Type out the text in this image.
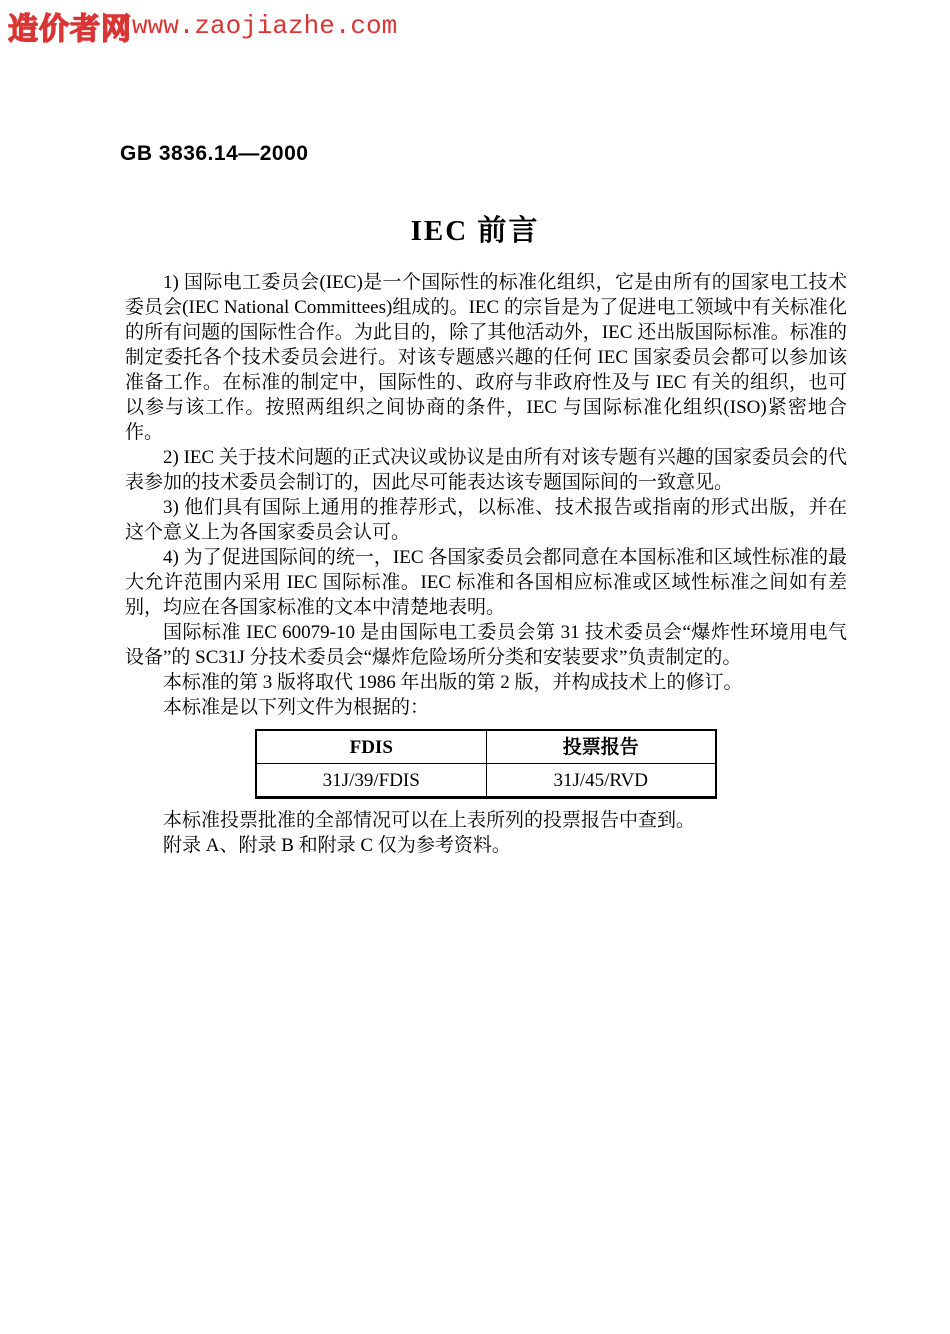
造价者网www.zaojiazhe.com
GB 3836.14—2000
IEC 前言

1) 国际电工委员会(IEC)是一个国际性的标准化组织，它是由所有的国家电工技术委员会(IEC National Committees)组成的。IEC 的宗旨是为了促进电工领域中有关标准化的所有问题的国际性合作。为此目的，除了其他活动外，IEC 还出版国际标准。标准的制定委托各个技术委员会进行。对该专题感兴趣的任何 IEC 国家委员会都可以参加该准备工作。在标准的制定中，国际性的、政府与非政府性及与 IEC 有关的组织，也可以参与该工作。按照两组织之间协商的条件，IEC 与国际标准化组织(ISO)紧密地合作。

2) IEC 关于技术问题的正式决议或协议是由所有对该专题有兴趣的国家委员会的代表参加的技术委员会制订的，因此尽可能表达该专题国际间的一致意见。

3) 他们具有国际上通用的推荐形式，以标准、技术报告或指南的形式出版，并在这个意义上为各国家委员会认可。

4) 为了促进国际间的统一，IEC 各国家委员会都同意在本国标准和区域性标准的最大允许范围内采用 IEC 国际标准。IEC 标准和各国相应标准或区域性标准之间如有差别，均应在各国家标准的文本中清楚地表明。

国际标准 IEC 60079-10 是由国际电工委员会第 31 技术委员会“爆炸性环境用电气设备”的 SC31J 分技术委员会“爆炸危险场所分类和安装要求”负责制定的。

本标准的第 3 版将取代 1986 年出版的第 2 版，并构成技术上的修订。

本标准是以下列文件为根据的：

FDIS	投票报告
31J/39/FDIS	31J/45/RVD

本标准投票批准的全部情况可以在上表所列的投票报告中查到。

附录 A、附录 B 和附录 C 仅为参考资料。
